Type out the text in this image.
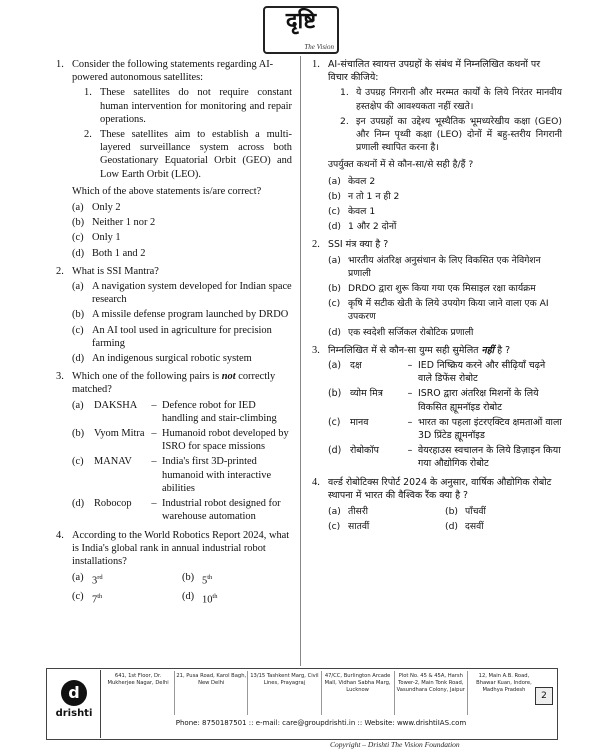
दृष्टि
The Vision
1. Consider the following statements regarding AI-powered autonomous satellites:
1. These satellites do not require constant human intervention for monitoring and repair operations.
2. These satellites aim to establish a multi-layered surveillance system across both Geostationary Equatorial Orbit (GEO) and Low Earth Orbit (LEO).
Which of the above statements is/are correct?
(a) Only 2
(b) Neither 1 nor 2
(c) Only 1
(d) Both 1 and 2
2. What is SSI Mantra?
(a) A navigation system developed for Indian space research
(b) A missile defense program launched by DRDO
(c) An AI tool used in agriculture for precision farming
(d) An indigenous surgical robotic system
3. Which one of the following pairs is not correctly matched?
(a)	DAKSHA	– Defence robot for IED handling and stair-climbing
(b) Vyom Mitra – Humanoid robot developed by ISRO for space missions
(c)	MANAV	– India's first 3D-printed humanoid with interactive abilities
(d) Robocop	– Industrial robot designed for warehouse automation
4. According to the World Robotics Report 2024, what is India's global rank in annual industrial robot installations?
(a) 3rd	(b) 5th
(c) 7th	(d) 10th
1. AI-संचालित स्वायत्त उपग्रहों के संबंध में निम्नलिखित कथनों पर विचार कीजिये:
1. ये उपग्रह निगरानी और मरम्मत कार्यों के लिये निरंतर मानवीय हस्तक्षेप की आवश्यकता नहीं रखते।
2. इन उपग्रहों का उद्देश्य भूस्थैतिक भूमध्यरेखीय कक्षा (GEO) और निम्न पृथ्वी कक्षा (LEO) दोनों में बहु-स्तरीय निगरानी प्रणाली स्थापित करना है।
उपर्युक्त कथनों में से कौन-सा/से सही है/हैं ?
(a) केवल 2
(b) न तो 1 न ही 2
(c) केवल 1
(d) 1 और 2 दोनों
2. SSI मंत्र क्या है ?
(a) भारतीय अंतरिक्ष अनुसंधान के लिए विकसित एक नेविगेशन प्रणाली
(b) DRDO द्वारा शुरू किया गया एक मिसाइल रक्षा कार्यक्रम
(c) कृषि में सटीक खेती के लिये उपयोग किया जाने वाला एक AI उपकरण
(d) एक स्वदेशी सर्जिकल रोबोटिक प्रणाली
3. निम्नलिखित में से कौन-सा युग्म सही सुमेलित नहीं है ?
(a) दक्ष	– IED निष्क्रिय करने और सीढ़ियाँ चढ़ने वाले डिफेंस रोबोट
(b) व्योम मित्र	– ISRO द्वारा अंतरिक्ष मिशनों के लिये विकसित ह्यूमनॉइड रोबोट
(c)	मानव	– भारत का पहला इंटरएक्टिव क्षमताओं वाला 3D प्रिंटेड ह्यूमनॉइड
(d) रोबोकॉप	– वेयरहाउस स्वचालन के लिये डिज़ाइन किया गया औद्योगिक रोबोट
4. वर्ल्ड रोबोटिक्स रिपोर्ट 2024 के अनुसार, वार्षिक औद्योगिक रोबोट स्थापना में भारत की वैश्विक रैंक क्या है ?
(a) तीसरी	(b) पाँचवीं
(c) सातवीं	(d) दसवीं
d
drishti
641, 1st Floor, Dr. Mukherjee Nagar, Delhi
21, Pusa Road, Karol Bagh, New Delhi
13/15 Tashkent Marg, Civil Lines, Prayagraj
47/CC, Burlington Arcade Mall, Vidhan Sabha Marg, Lucknow
Plot No. 45 & 45A, Harsh Tower-2, Main Tonk Road, Vasundhara Colony, Jaipur
12, Main A.B. Road, Bhawar Kuan, Indore, Madhya Pradesh
Phone: 8750187501 :: e-mail: care@groupdrishti.in :: Website: www.drishtiIAS.com
2
Copyright – Drishti The Vision Foundation
